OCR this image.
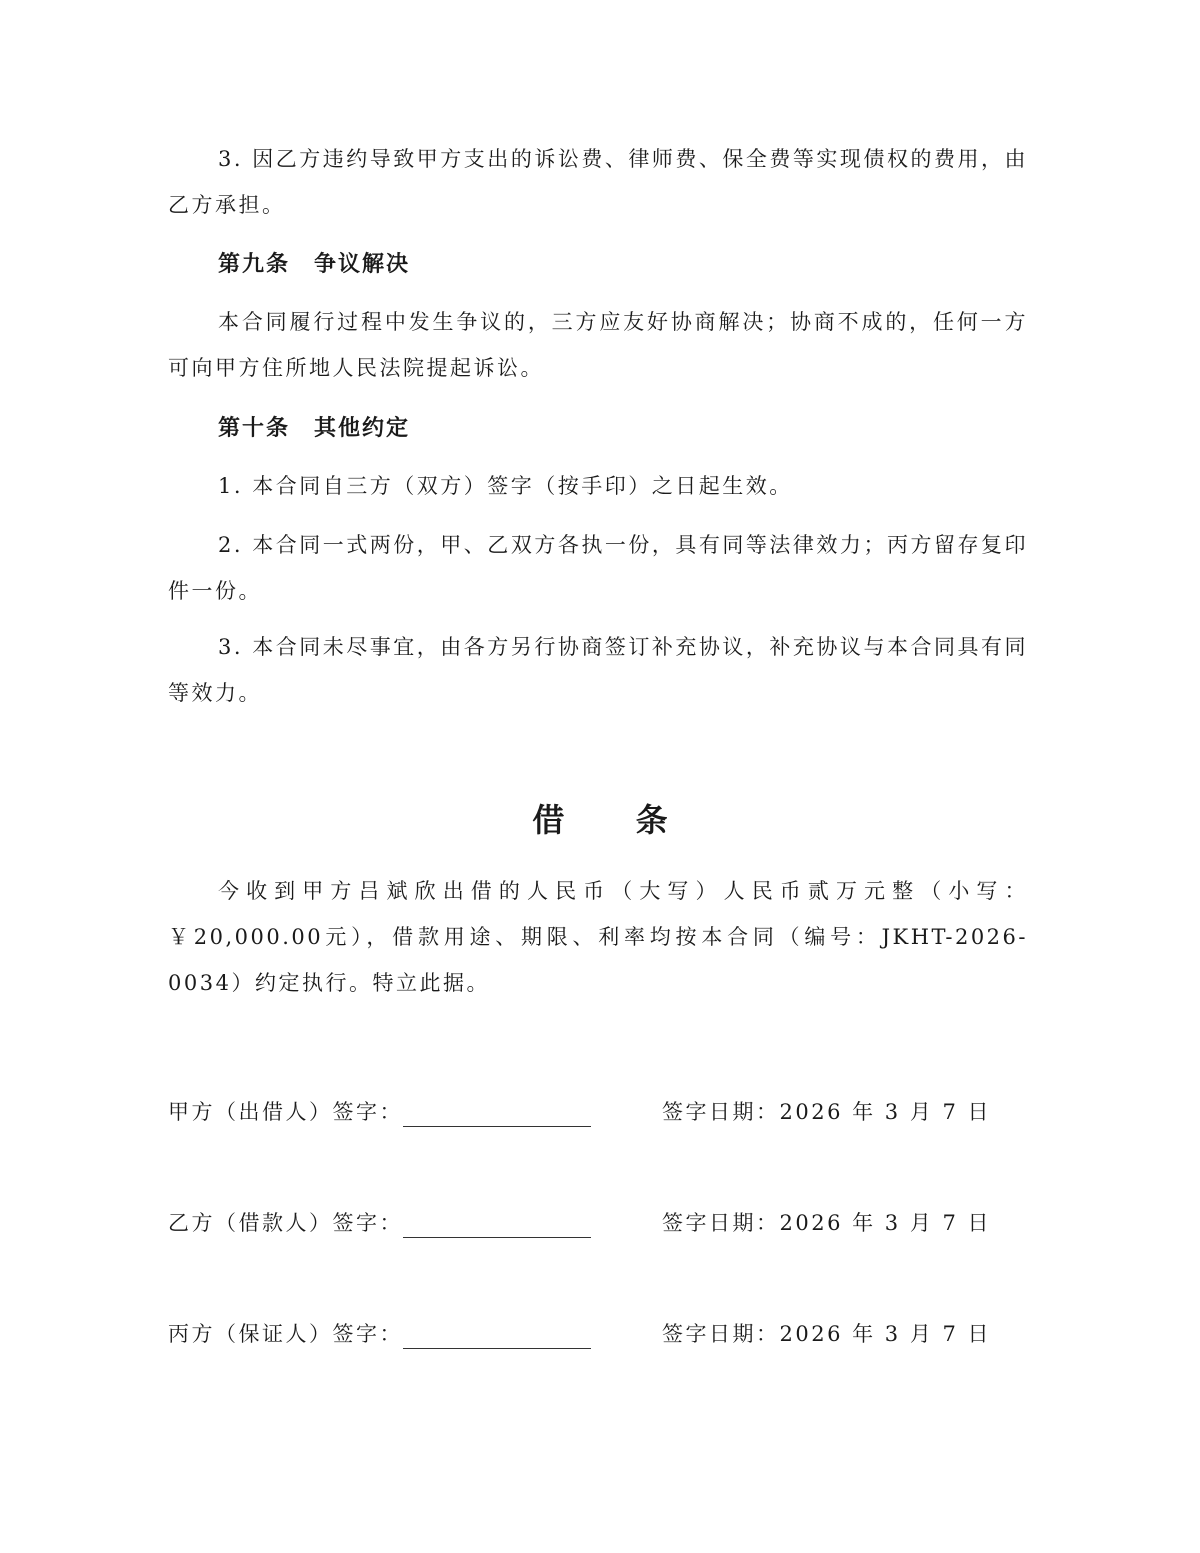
3. 因乙方违约导致甲方支出的诉讼费、律师费、保全费等实现债权的费用，由乙方承担。

第九条　争议解决

本合同履行过程中发生争议的，三方应友好协商解决；协商不成的，任何一方可向甲方住所地人民法院提起诉讼。

第十条　其他约定

1. 本合同自三方（双方）签字（按手印）之日起生效。

2. 本合同一式两份，甲、乙双方各执一份，具有同等法律效力；丙方留存复印件一份。

3. 本合同未尽事宜，由各方另行协商签订补充协议，补充协议与本合同具有同等效力。

借 条

今收到甲方吕斌欣出借的人民币（大写）人民币贰万元整（小写：￥20,000.00元），借款用途、期限、利率均按本合同（编号：JKHT-2026-0034）约定执行。特立此据。

甲方（出借人）签字：	签字日期：2026 年 3 月 7 日
乙方（借款人）签字：	签字日期：2026 年 3 月 7 日
丙方（保证人）签字：	签字日期：2026 年 3 月 7 日
